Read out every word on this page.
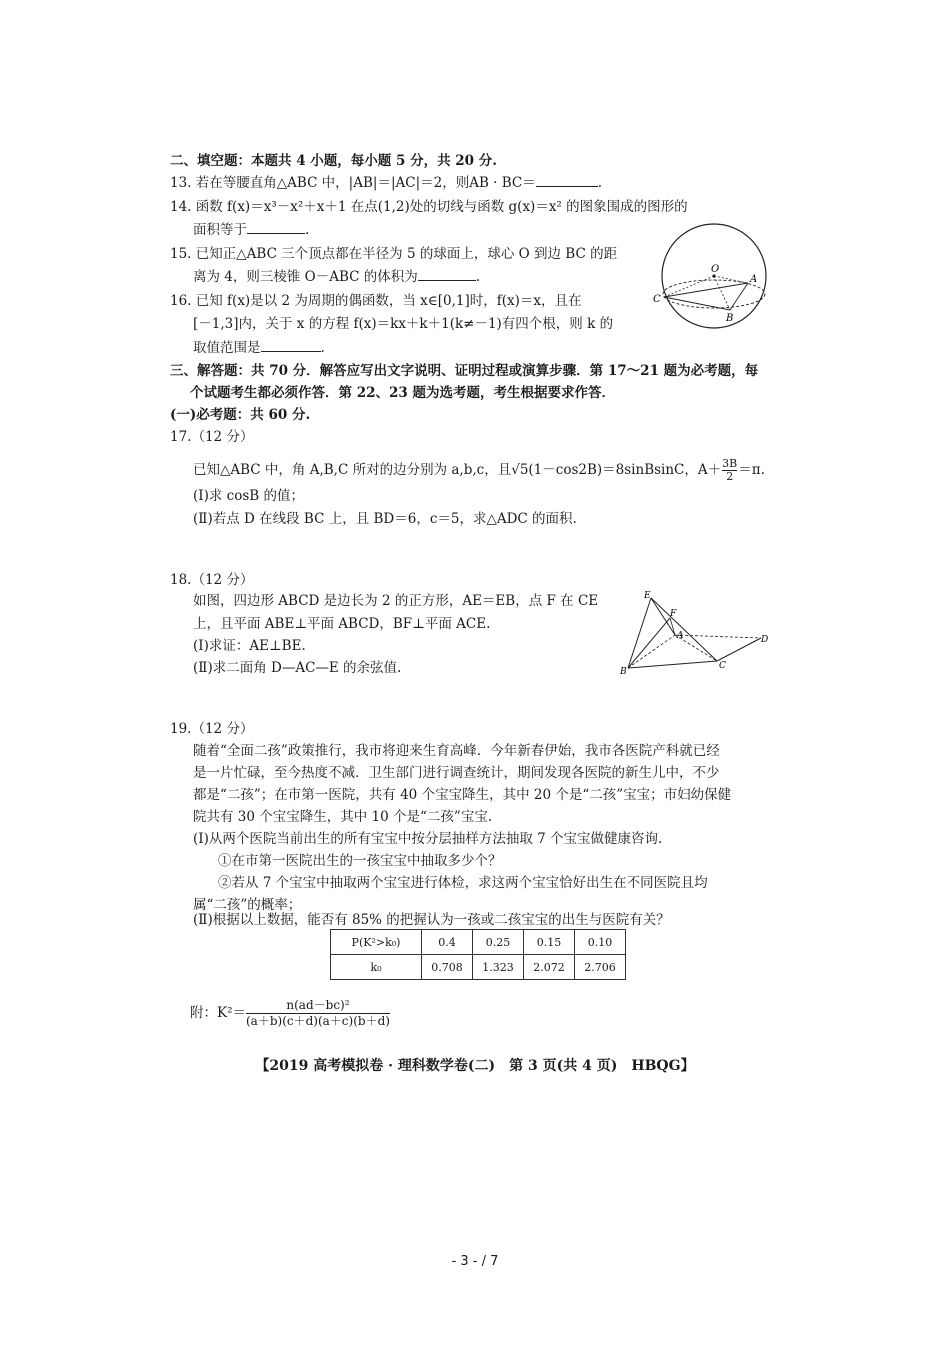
二、填空题：本题共 4 小题，每小题 5 分，共 20 分.
13. 若在等腰直角△ABC 中，|AB|＝|AC|＝2，则AB · BC＝	.
14. 函数 f(x)＝x³－x²＋x＋1 在点(1,2)处的切线与函数 g(x)＝x² 的图象围成的图形的
面积等于	.
15. 已知正△ABC 三个顶点都在半径为 5 的球面上，球心 O 到边 BC 的距
离为 4，则三棱锥 O－ABC 的体积为	.
16. 已知 f(x)是以 2 为周期的偶函数，当 x∈[0,1]时，f(x)＝x，且在
[－1,3]内，关于 x 的方程 f(x)＝kx＋k＋1(k≠－1)有四个根，则 k 的
取值范围是	.
O
A
B
C
三、解答题：共 70 分．解答应写出文字说明、证明过程或演算步骤．第 17～21 题为必考题，每
个试题考生都必须作答．第 22、23 题为选考题，考生根据要求作答．
(一)必考题：共 60 分.
17.（12 分）
已知△ABC 中，角 A,B,C 所对的边分别为 a,b,c，且√5(1－cos2B)＝8sinBsinC，$A+ \frac{3B}{2} =\pi$.
(Ⅰ)求 cosB 的值；
(Ⅱ)若点 D 在线段 BC 上，且 BD＝6，c＝5，求△ADC 的面积.
18.（12 分）
如图，四边形 ABCD 是边长为 2 的正方形，AE＝EB，点 F 在 CE
上，且平面 ABE⊥平面 ABCD，BF⊥平面 ACE.
(Ⅰ)求证：AE⊥BE.
(Ⅱ)求二面角 D—AC—E 的余弦值.
E
F
A	D
B
C
19.（12 分）
随着“全面二孩”政策推行，我市将迎来生育高峰．今年新春伊始，我市各医院产科就已经
是一片忙碌，至今热度不减．卫生部门进行调查统计，期间发现各医院的新生儿中，不少
都是“二孩”；在市第一医院，共有 40 个宝宝降生，其中 20 个是“二孩”宝宝；市妇幼保健
院共有 30 个宝宝降生，其中 10 个是“二孩”宝宝.
(Ⅰ)从两个医院当前出生的所有宝宝中按分层抽样方法抽取 7 个宝宝做健康咨询.
①在市第一医院出生的一孩宝宝中抽取多少个？
②若从 7 个宝宝中抽取两个宝宝进行体检，求这两个宝宝恰好出生在不同医院且均
属“二孩”的概率；
(Ⅱ)根据以上数据，能否有 85% 的把握认为一孩或二孩宝宝的出生与医院有关？
P(K²>k₀)	0.4	0.25	0.15	0.10
k₀	0.708	1.323	2.072	2.706
附：$K^2= \frac{\text{n(ad－bc)²}}{(a+b)(c+d)(a+c)(b+d)}$
【2019 高考模拟卷 · 理科数学卷(二)　第 3 页(共 4 页)　HBQG】
- 3 - / 7
